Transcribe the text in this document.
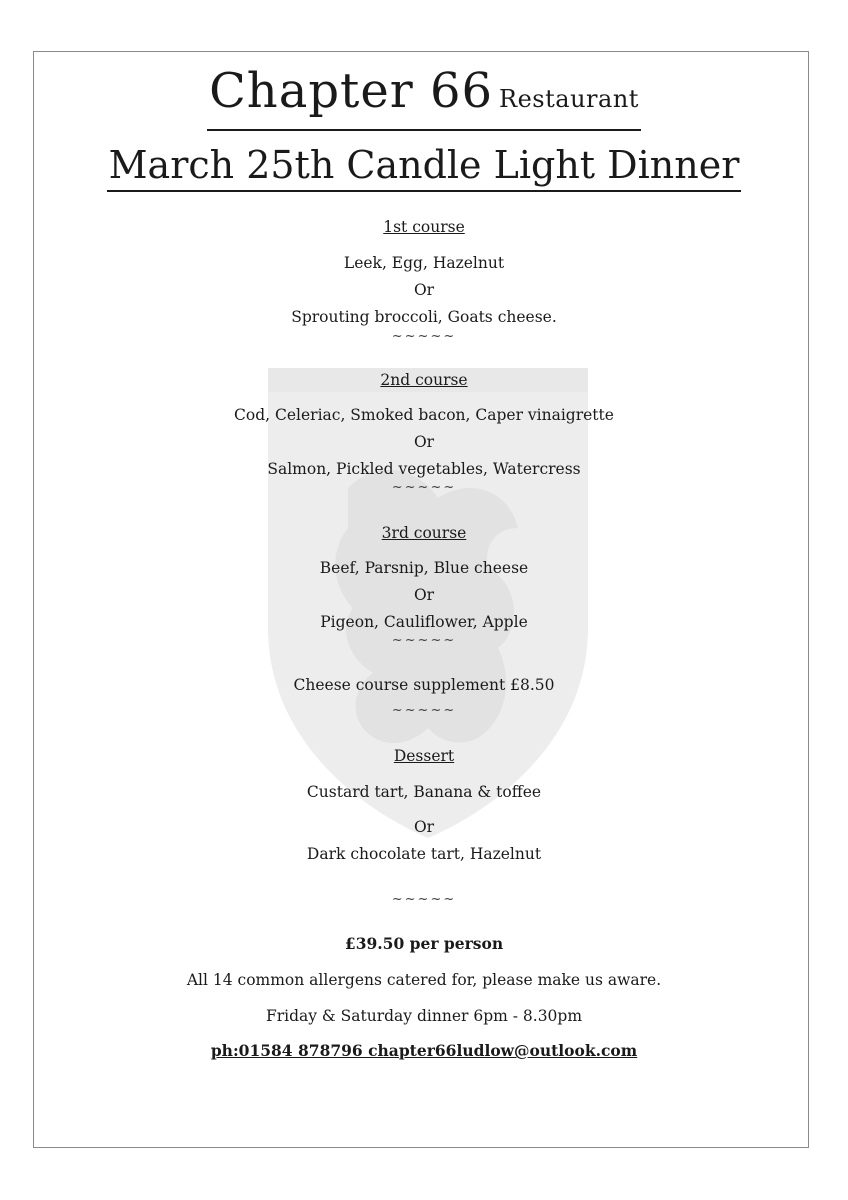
Chapter 66 Restaurant
March 25th Candle Light Dinner
1st course
Leek, Egg, Hazelnut
Or
Sprouting broccoli, Goats cheese.
~~~~~
2nd course
Cod, Celeriac, Smoked bacon, Caper vinaigrette
Or
Salmon, Pickled vegetables, Watercress
~~~~~
3rd course
Beef, Parsnip, Blue cheese
Or
Pigeon, Cauliflower, Apple
~~~~~
Cheese course supplement £8.50
~~~~~
Dessert
Custard tart, Banana & toffee
Or
Dark chocolate tart, Hazelnut
~~~~~
£39.50 per person
All 14 common allergens catered for, please make us aware.
Friday & Saturday dinner 6pm - 8.30pm
ph:01584 878796 chapter66ludlow@outlook.com
